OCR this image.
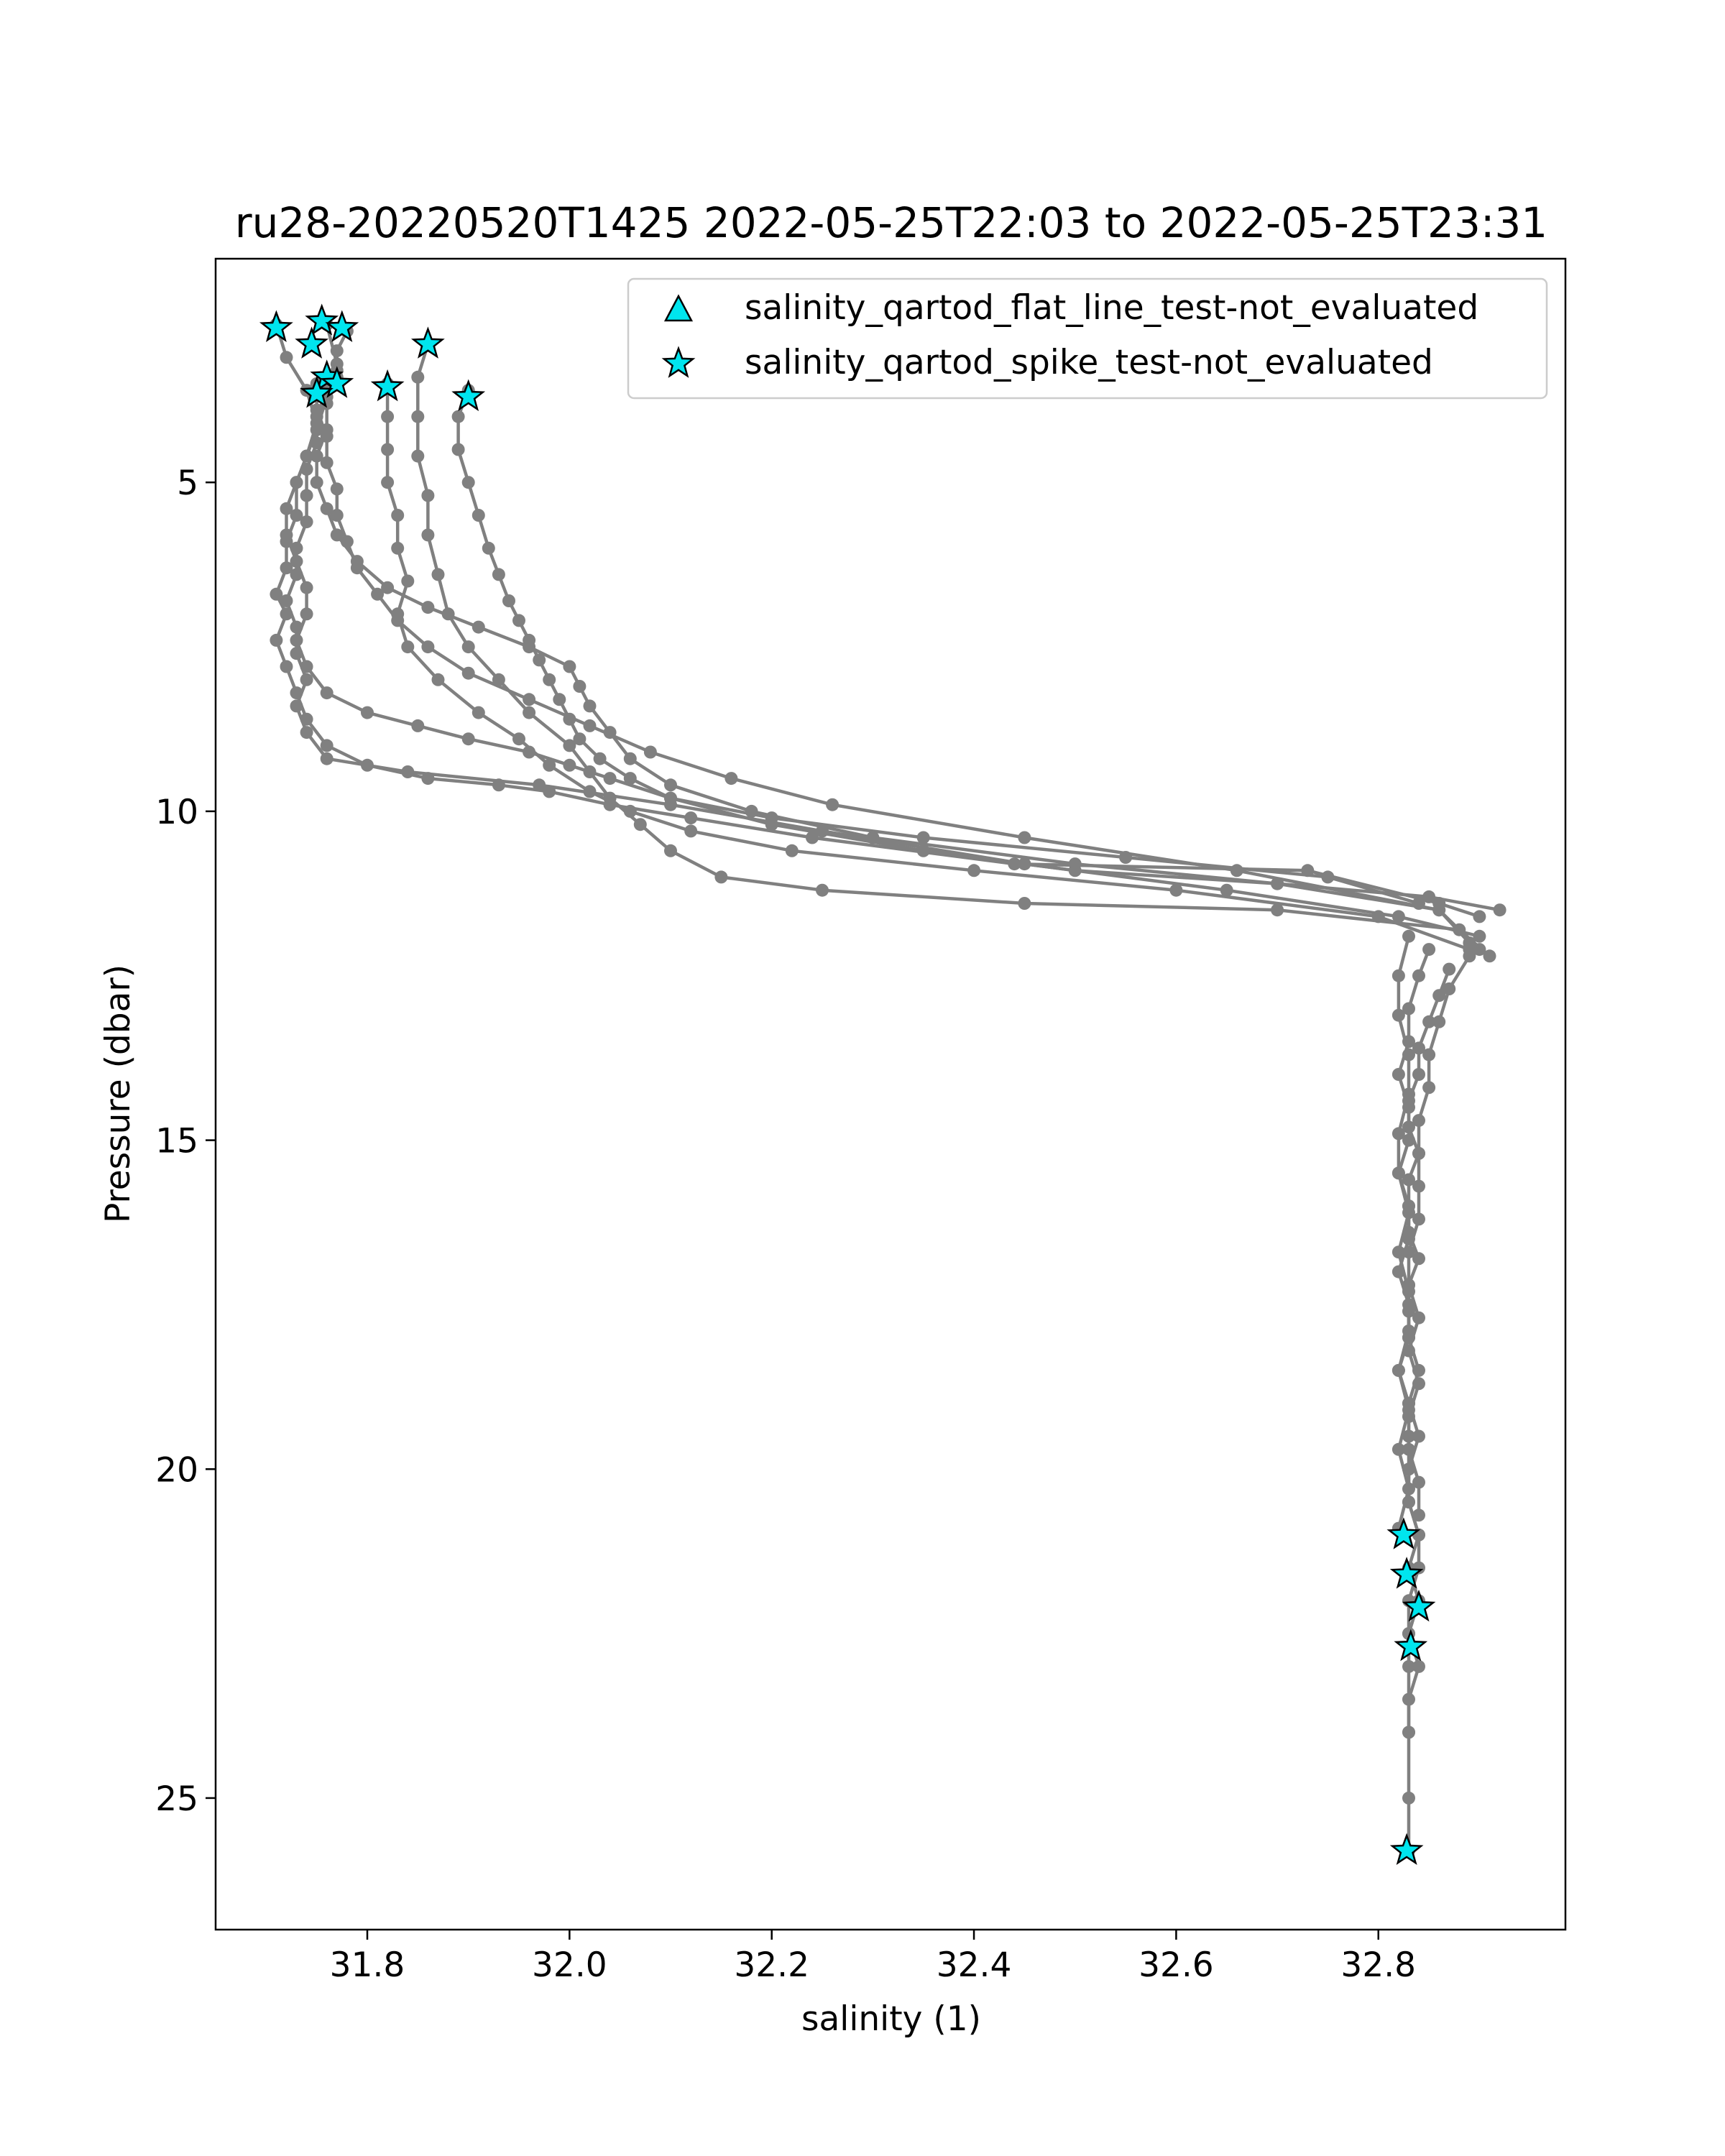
ru28-20220520T1425 2022-05-25T22:03 to 2022-05-25T23:31
31.8	32.0	32.2	32.4	32.6	32.8
5
10
15
20
25
salinity (1)
Pressure (dbar)
salinity_qartod_flat_line_test-not_evaluated
salinity_qartod_spike_test-not_evaluated
